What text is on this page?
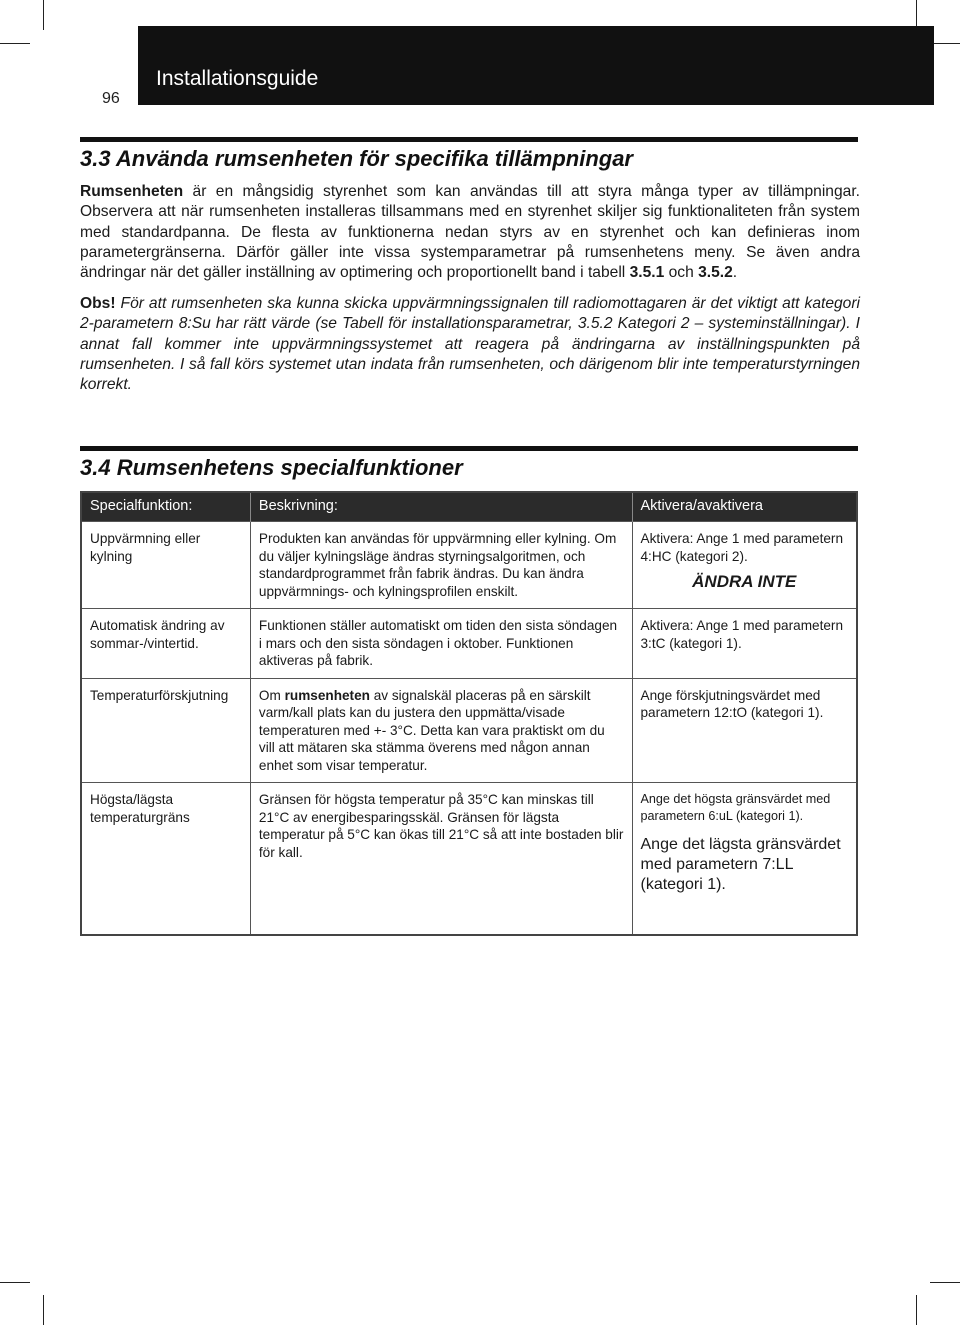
96
Installationsguide
3.3 Använda rumsenheten för specifika tillämpningar

Rumsenheten är en mångsidig styrenhet som kan användas till att styra många typer av tillämpningar. Observera att när rumsenheten installeras tillsammans med en styrenhet skiljer sig funktionaliteten från system med standardpanna. De flesta av funktionerna nedan styrs av en styrenhet och kan definieras inom parametergränserna. Därför gäller inte vissa systemparametrar på rumsenhetens meny. Se även andra ändringar när det gäller inställning av optimering och proportionellt band i tabell 3.5.1 och 3.5.2.

Obs! För att rumsenheten ska kunna skicka uppvärmningssignalen till radiomottagaren är det viktigt att kategori 2-parametern 8:Su har rätt värde (se Tabell för installationsparametrar, 3.5.2 Kategori 2 – systeminställningar). I annat fall kommer inte uppvärmningssystemet att reagera på ändringarna av inställningspunkten på rumsenheten. I så fall körs systemet utan indata från rumsenheten, och därigenom blir inte temperaturstyrningen korrekt.

3.4 Rumsenhetens specialfunktioner
Specialfunktion:	Beskrivning:	Aktivera/avaktivera
Uppvärmning eller kylning	Produkten kan användas för uppvärmning eller kylning. Om du väljer kylningsläge ändras styrningsalgoritmen, och standardprogrammet från fabrik ändras. Du kan ändra uppvärmnings- och kylningsprofilen enskilt.	Aktivera: Ange 1 med parametern 4:HC (kategori 2).
ÄNDRA INTE

Automatisk ändring av sommar-/vintertid.	Funktionen ställer automatiskt om tiden den sista söndagen i mars och den sista söndagen i oktober. Funktionen aktiveras på fabrik.	Aktivera: Ange 1 med parametern 3:tC (kategori 1).
Temperaturförskjutning	Om rumsenheten av signalskäl placeras på en särskilt varm/kall plats kan du justera den uppmätta/visade temperaturen med +- 3°C. Detta kan vara praktiskt om du vill att mätaren ska stämma överens med någon annan enhet som visar temperatur.	Ange förskjutningsvärdet med parametern 12:tO (kategori 1).
Högsta/lägsta temperaturgräns	Gränsen för högsta temperatur på 35°C kan minskas till 21°C av energibesparingsskäl. Gränsen för lägsta temperatur på 5°C kan ökas till 21°C så att inte bostaden blir för kall.	Ange det högsta gränsvärdet med parametern 6:uL (kategori 1).
Ange det lägsta gränsvärdet med parametern 7:LL (kategori 1).
